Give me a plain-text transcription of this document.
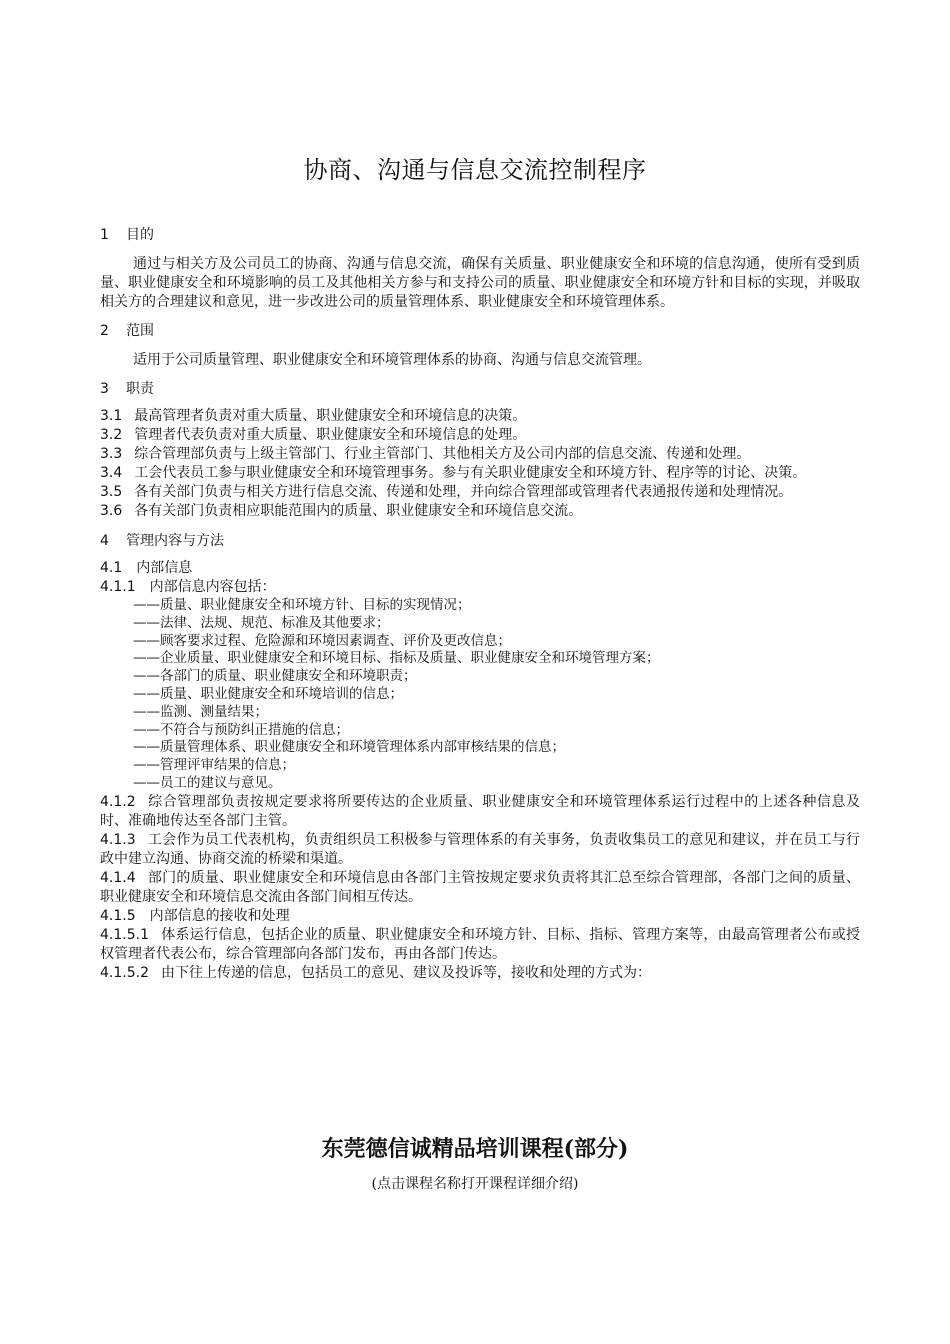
协商、沟通与信息交流控制程序
1 目的

通过与相关方及公司员工的协商、沟通与信息交流，确保有关质量、职业健康安全和环境的信息沟通，使所有受到质量、职业健康安全和环境影响的员工及其他相关方参与和支持公司的质量、职业健康安全和环境方针和目标的实现，并吸取相关方的合理建议和意见，进一步改进公司的质量管理体系、职业健康安全和环境管理体系。

2 范围

适用于公司质量管理、职业健康安全和环境管理体系的协商、沟通与信息交流管理。

3 职责

3.1 最高管理者负责对重大质量、职业健康安全和环境信息的决策。

3.2 管理者代表负责对重大质量、职业健康安全和环境信息的处理。

3.3 综合管理部负责与上级主管部门、行业主管部门、其他相关方及公司内部的信息交流、传递和处理。

3.4 工会代表员工参与职业健康安全和环境管理事务。参与有关职业健康安全和环境方针、程序等的讨论、决策。

3.5 各有关部门负责与相关方进行信息交流、传递和处理，并向综合管理部或管理者代表通报传递和处理情况。

3.6 各有关部门负责相应职能范围内的质量、职业健康安全和环境信息交流。

4 管理内容与方法

4.1 内部信息

4.1.1 内部信息内容包括：

——质量、职业健康安全和环境方针、目标的实现情况；

——法律、法规、规范、标准及其他要求；

——顾客要求过程、危险源和环境因素调查、评价及更改信息；

——企业质量、职业健康安全和环境目标、指标及质量、职业健康安全和环境管理方案；

——各部门的质量、职业健康安全和环境职责；

——质量、职业健康安全和环境培训的信息；

——监测、测量结果；

——不符合与预防纠正措施的信息；

——质量管理体系、职业健康安全和环境管理体系内部审核结果的信息；

——管理评审结果的信息；

——员工的建议与意见。

4.1.2 综合管理部负责按规定要求将所要传达的企业质量、职业健康安全和环境管理体系运行过程中的上述各种信息及时、准确地传达至各部门主管。

4.1.3 工会作为员工代表机构，负责组织员工积极参与管理体系的有关事务，负责收集员工的意见和建议，并在员工与行政中建立沟通、协商交流的桥梁和渠道。

4.1.4 部门的质量、职业健康安全和环境信息由各部门主管按规定要求负责将其汇总至综合管理部，各部门之间的质量、职业健康安全和环境信息交流由各部门间相互传达。

4.1.5 内部信息的接收和处理

4.1.5.1 体系运行信息，包括企业的质量、职业健康安全和环境方针、目标、指标、管理方案等，由最高管理者公布或授权管理者代表公布，综合管理部向各部门发布，再由各部门传达。

4.1.5.2 由下往上传递的信息，包括员工的意见、建议及投诉等，接收和处理的方式为：

东莞德信诚精品培训课程(部分)
(点击课程名称打开课程详细介绍)
